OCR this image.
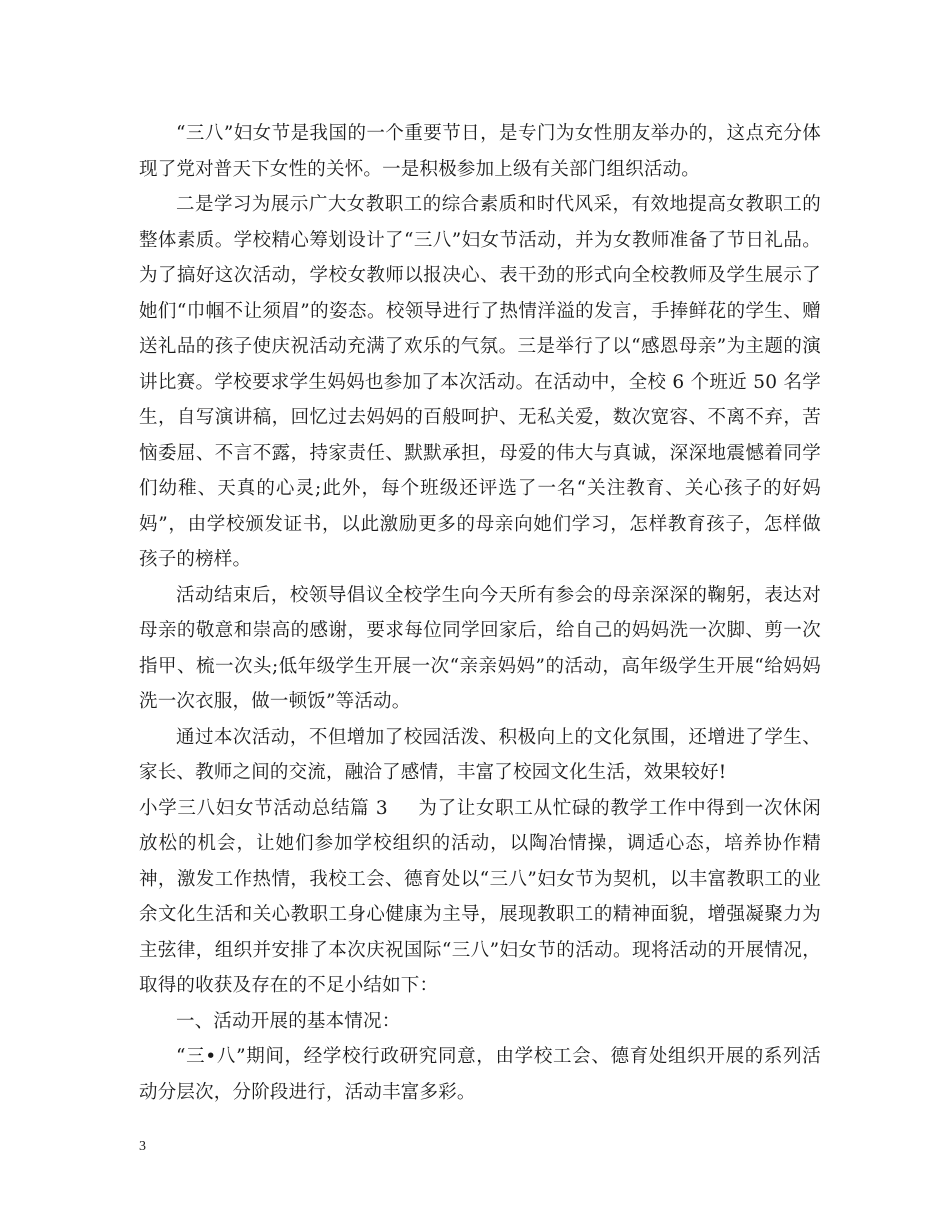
“三八”妇女节是我国的一个重要节日，是专门为女性朋友举办的，这点充分体现了党对普天下女性的关怀。一是积极参加上级有关部门组织活动。

二是学习为展示广大女教职工的综合素质和时代风采，有效地提高女教职工的整体素质。学校精心筹划设计了“三八”妇女节活动，并为女教师准备了节日礼品。为了搞好这次活动，学校女教师以报决心、表干劲的形式向全校教师及学生展示了她们“巾帼不让须眉”的姿态。校领导进行了热情洋溢的发言，手捧鲜花的学生、赠送礼品的孩子使庆祝活动充满了欢乐的气氛。三是举行了以“感恩母亲”为主题的演讲比赛。学校要求学生妈妈也参加了本次活动。在活动中，全校 6 个班近 50 名学生，自写演讲稿，回忆过去妈妈的百般呵护、无私关爱，数次宽容、不离不弃，苦恼委屈、不言不露，持家责任、默默承担，母爱的伟大与真诚，深深地震憾着同学们幼稚、天真的心灵;此外，每个班级还评选了一名“关注教育、关心孩子的好妈妈”，由学校颁发证书，以此激励更多的母亲向她们学习，怎样教育孩子，怎样做孩子的榜样。

活动结束后，校领导倡议全校学生向今天所有参会的母亲深深的鞠躬，表达对母亲的敬意和崇高的感谢，要求每位同学回家后，给自己的妈妈洗一次脚、剪一次指甲、梳一次头;低年级学生开展一次“亲亲妈妈”的活动，高年级学生开展“给妈妈洗一次衣服，做一顿饭”等活动。

通过本次活动，不但增加了校园活泼、积极向上的文化氛围，还增进了学生、家长、教师之间的交流，融洽了感情，丰富了校园文化生活，效果较好!

小学三八妇女节活动总结篇 3 为了让女职工从忙碌的教学工作中得到一次休闲放松的机会，让她们参加学校组织的活动，以陶冶情操，调适心态，培养协作精神，激发工作热情，我校工会、德育处以“三八”妇女节为契机，以丰富教职工的业余文化生活和关心教职工身心健康为主导，展现教职工的精神面貌，增强凝聚力为主弦律，组织并安排了本次庆祝国际“三八”妇女节的活动。现将活动的开展情况，取得的收获及存在的不足小结如下：

一、活动开展的基本情况：

“三•八”期间，经学校行政研究同意，由学校工会、德育处组织开展的系列活动分层次，分阶段进行，活动丰富多彩。

3
